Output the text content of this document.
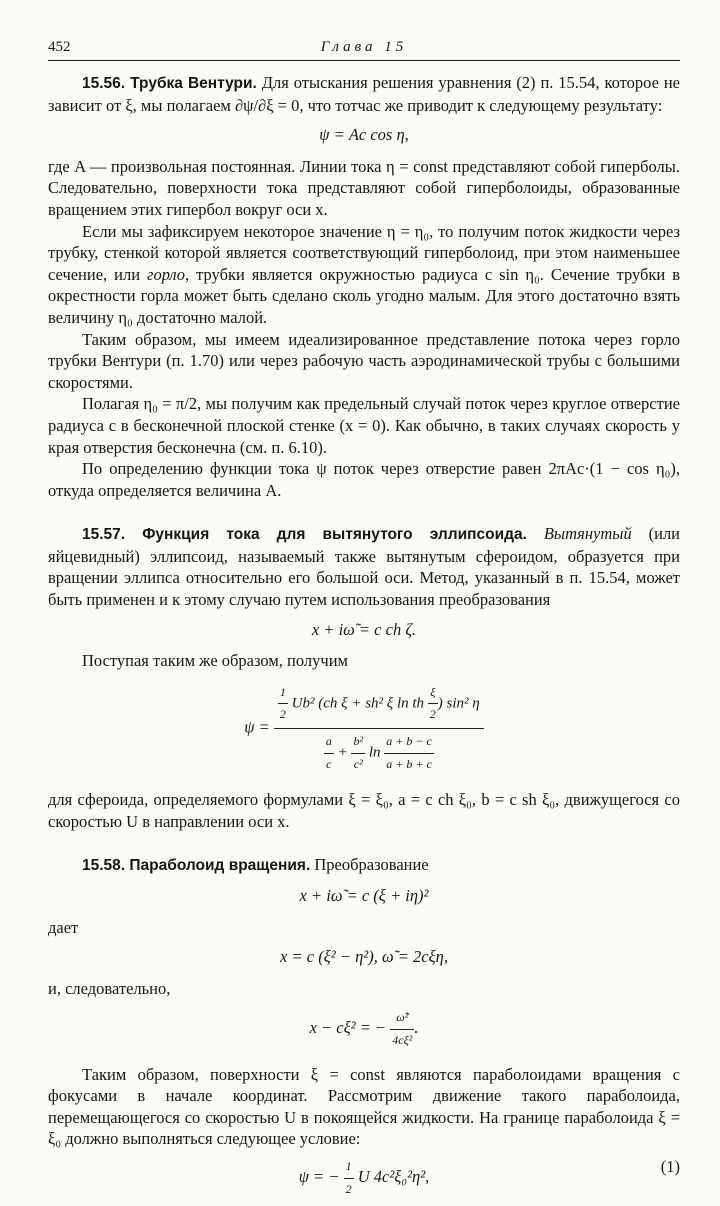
452	Глава 15

15.56. Трубка Вентури. Для отыскания решения уравнения (2) п. 15.54, которое не зависит от ξ, мы полагаем ∂ψ/∂ξ = 0, что тотчас же приводит к следующему результату:

ψ = Ac cos η,

где A — произвольная постоянная. Линии тока η = const представляют собой гиперболы. Следовательно, поверхности тока представляют собой гиперболоиды, образованные вращением этих гипербол вокруг оси x.

Если мы зафиксируем некоторое значение η = η₀, то получим поток жидкости через трубку, стенкой которой является соответствующий гиперболоид, при этом наименьшее сечение, или горло, трубки является окружностью радиуса c sin η₀. Сечение трубки в окрестности горла может быть сделано сколь угодно малым. Для этого достаточно взять величину η₀ достаточно малой.

Таким образом, мы имеем идеализированное представление потока через горло трубки Вентури (п. 1.70) или через рабочую часть аэродинамической трубы с большими скоростями.

Полагая η₀ = π/2, мы получим как предельный случай поток через круглое отверстие радиуса c в бесконечной плоской стенке (x = 0). Как обычно, в таких случаях скорость у края отверстия бесконечна (см. п. 6.10).

По определению функции тока ψ поток через отверстие равен 2πAc·(1 − cos η₀), откуда определяется величина A.

15.57. Функция тока для вытянутого эллипсоида. Вытянутый (или яйцевидный) эллипсоид, называемый также вытянутым сфероидом, образуется при вращении эллипса относительно его большой оси. Метод, указанный в п. 15.54, может быть применен и к этому случаю путем использования преобразования

x + iω̃ = c ch ζ.

Поступая таким же образом, получим

ψ =
$\frac{1}{2} Ub^2$ (ch ξ + sh² ξ ln th $\frac{\xi}{2}$ ) sin² η
$\frac{a}{c} + \frac{\text{b²}}{\text{c²}}$ $\ln \frac{a + b - c}{a + b + c}$

для сфероида, определяемого формулами ξ = ξ₀, a = c ch ξ₀, b = c sh ξ₀, движущегося со скоростью U в направлении оси x.

15.58. Параболоид вращения. Преобразование

x + iω̃ = c (ξ + iη)²
дает
x = c (ξ² − η²), ω̃ = 2cξη,
и, следовательно,
x − cξ² = − $\frac{\text{ω̃²}}{\text{4cξ²}}$ .

Таким образом, поверхности ξ = const являются параболоидами вращения с фокусами в начале координат. Рассмотрим движение такого параболоида, перемещающегося со скоростью U в покоящейся жидкости. На границе параболоида ξ = ξ₀ должно выполняться следующее условие:

ψ = − $\frac{1}{2}$ U 4c²ξ₀²η²,
(1)
